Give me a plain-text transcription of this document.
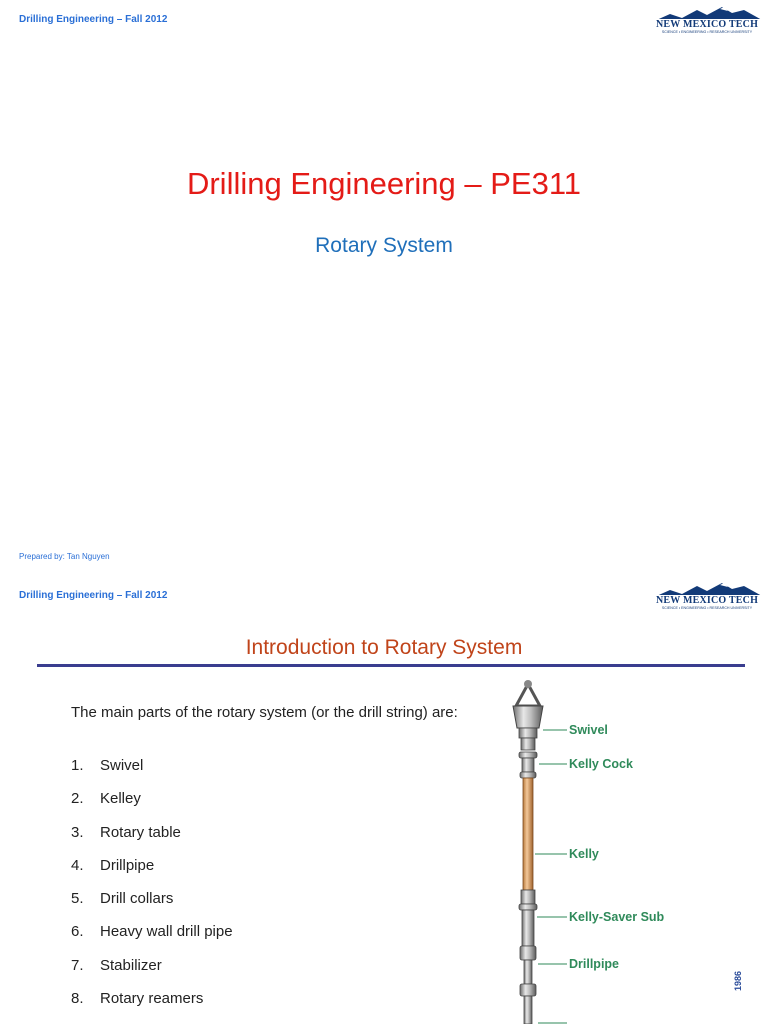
Drilling Engineering – Fall 2012	NEW MEXICO TECH
SCIENCE • ENGINEERING • RESEARCH UNIVERSITY
Drilling Engineering – PE311
Rotary System
Prepared by: Tan Nguyen
Drilling Engineering – Fall 2012	NEW MEXICO TECH
SCIENCE • ENGINEERING • RESEARCH UNIVERSITY
Introduction to Rotary System
The main parts of the rotary system (or the drill string) are:
1. Swivel
2. Kelley
3. Rotary table
4. Drillpipe
5. Drill collars
6. Heavy wall drill pipe
7. Stabilizer
8. Rotary reamers
Swivel
Kelly Cock
Kelly
Kelly-Saver Sub
Drillpipe
1986
